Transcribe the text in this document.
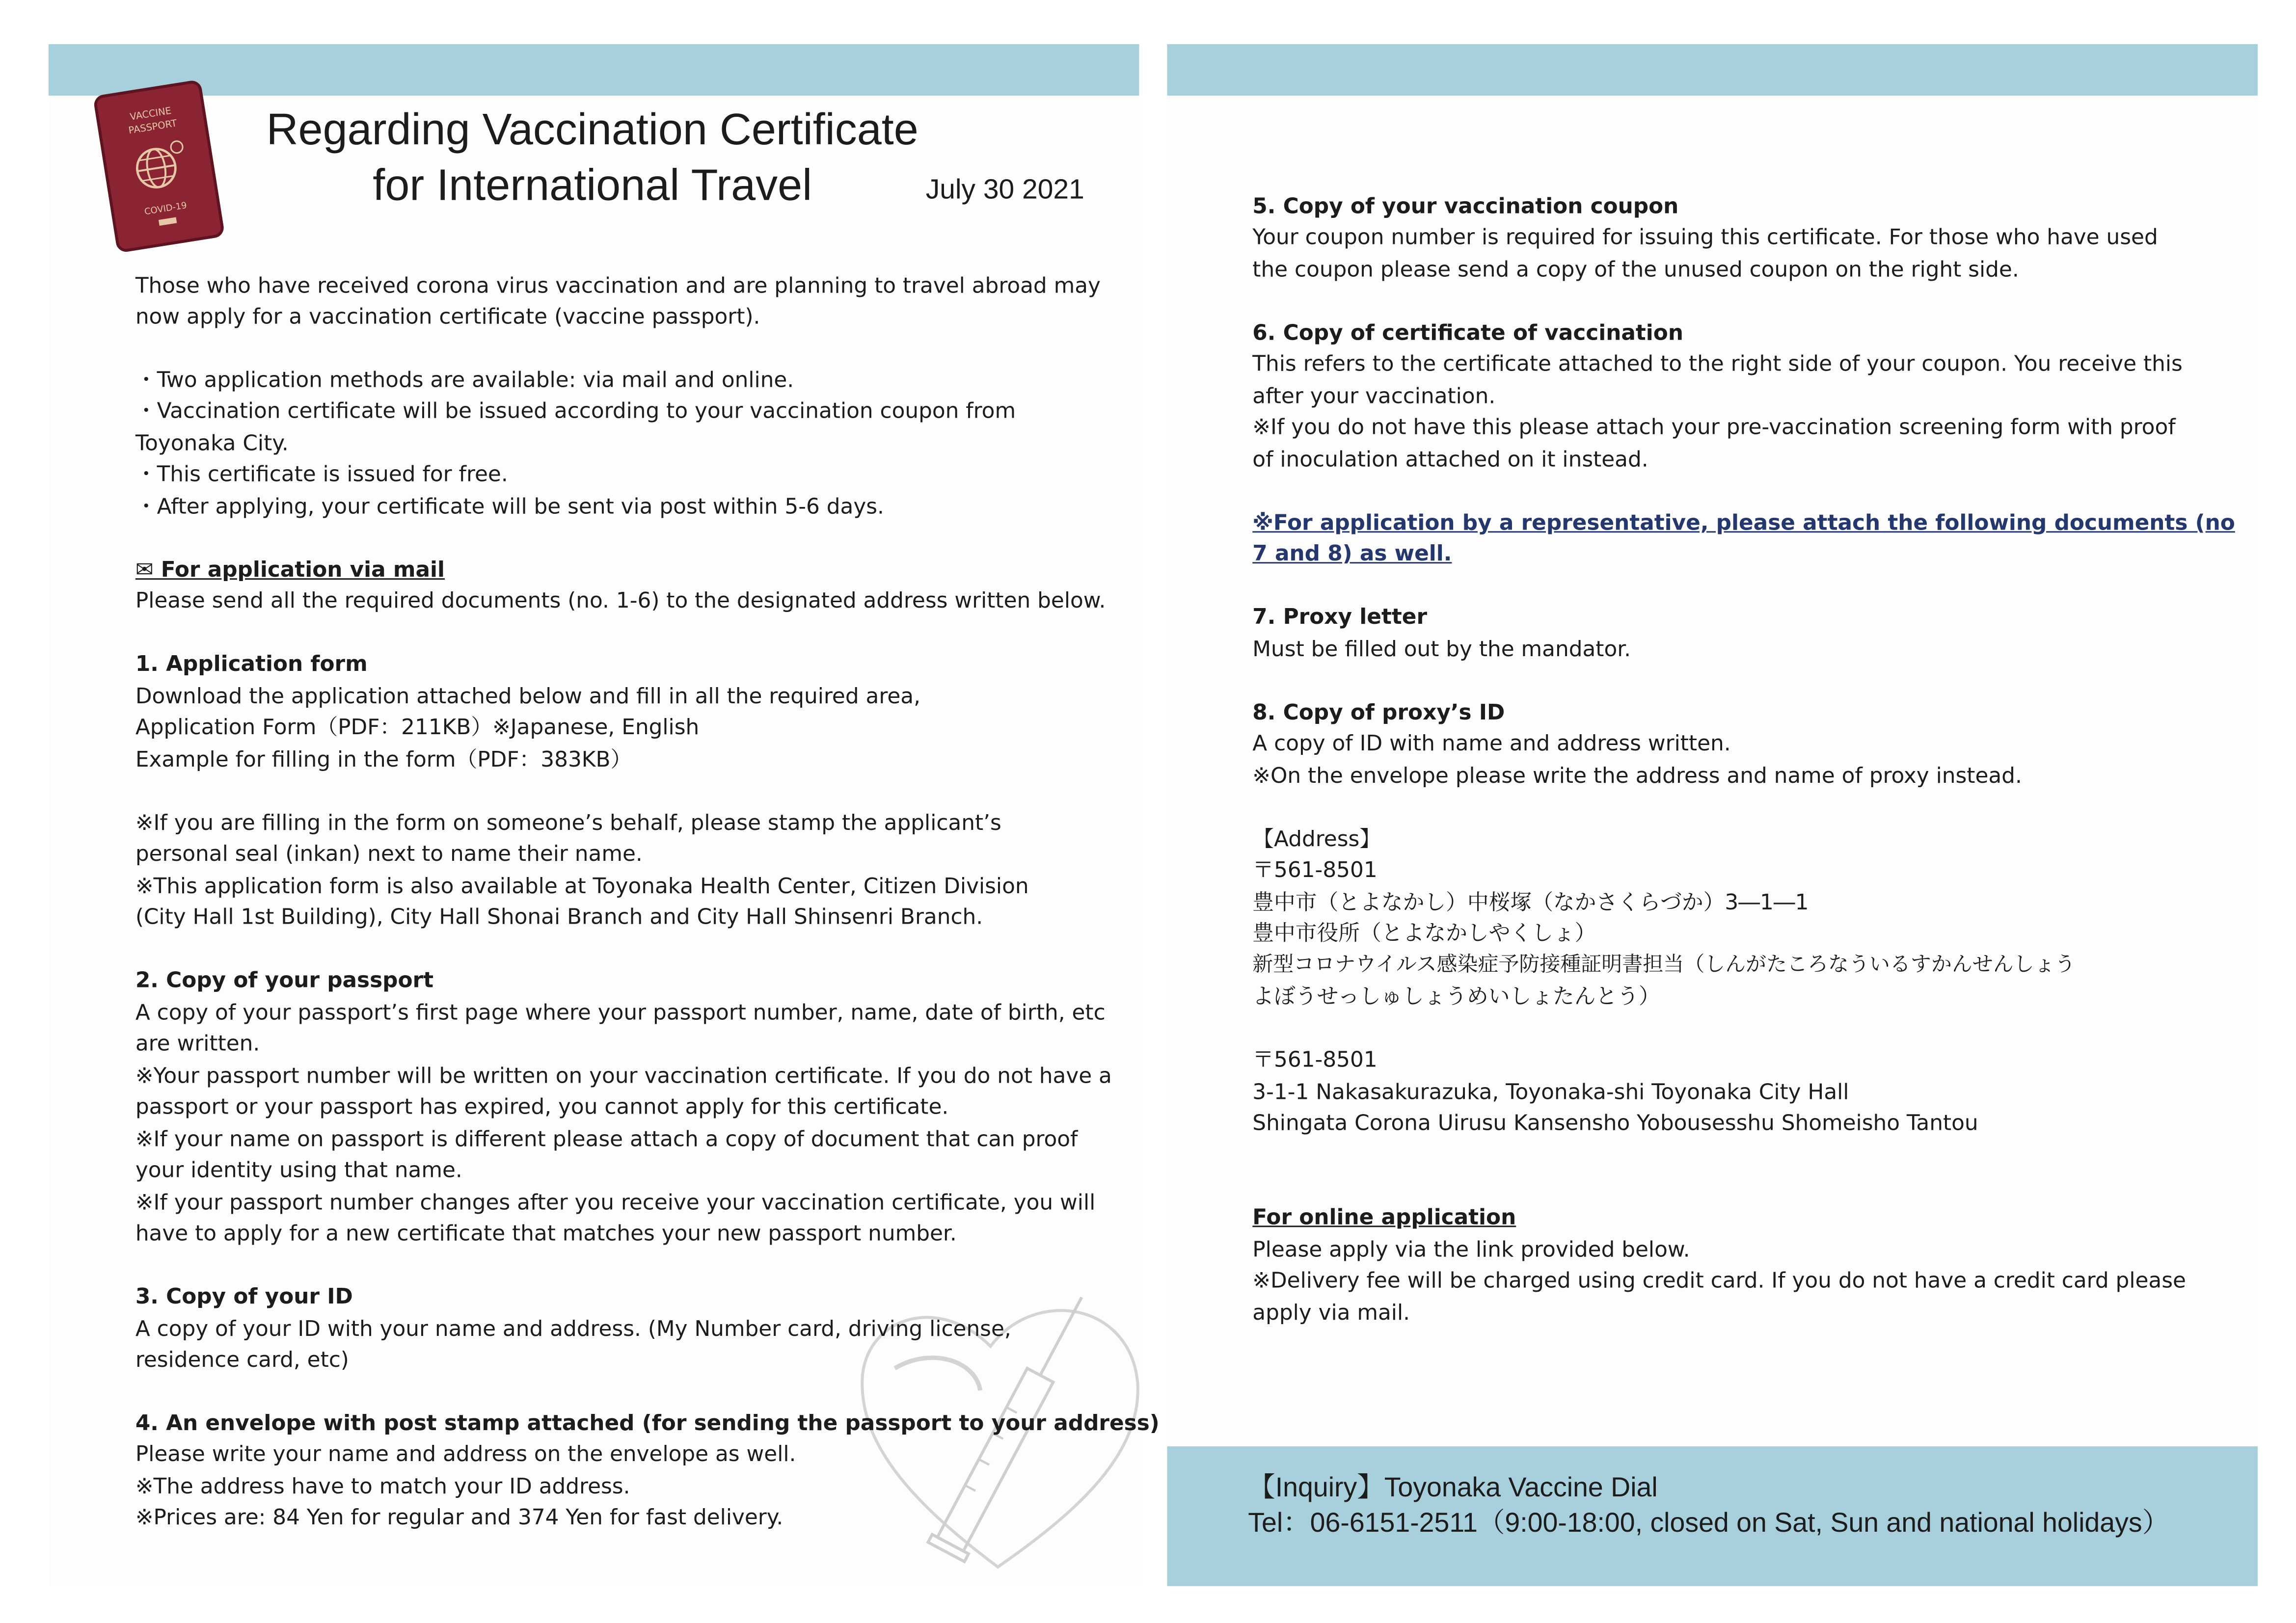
VACCINE
PASSPORT
COVID-19
Regarding Vaccination Certificate
for International Travel	July 30 2021
Those who have received corona virus vaccination and are planning to travel abroad may
now apply for a vaccination certificate (vaccine passport).
・Two application methods are available: via mail and online.
・Vaccination certificate will be issued according to your vaccination coupon from
Toyonaka City.
・This certificate is issued for free.
・After applying, your certificate will be sent via post within 5-6 days.
✉ For application via mail
Please send all the required documents (no. 1-6) to the designated address written below.
1. Application form
Download the application attached below and fill in all the required area,
Application Form（PDF：211KB）※Japanese, English
Example for filling in the form（PDF：383KB）
※If you are filling in the form on someone’s behalf, please stamp the applicant’s
personal seal (inkan) next to name their name.
※This application form is also available at Toyonaka Health Center, Citizen Division
(City Hall 1st Building), City Hall Shonai Branch and City Hall Shinsenri Branch.
2. Copy of your passport
A copy of your passport’s first page where your passport number, name, date of birth, etc
are written.
※Your passport number will be written on your vaccination certificate. If you do not have a
passport or your passport has expired, you cannot apply for this certificate.
※If your name on passport is different please attach a copy of document that can proof
your identity using that name.
※If your passport number changes after you receive your vaccination certificate, you will
have to apply for a new certificate that matches your new passport number.
3. Copy of your ID
A copy of your ID with your name and address. (My Number card, driving license,
residence card, etc)
4. An envelope with post stamp attached (for sending the passport to your address)
Please write your name and address on the envelope as well.
※The address have to match your ID address.
※Prices are: 84 Yen for regular and 374 Yen for fast delivery.
5. Copy of your vaccination coupon
Your coupon number is required for issuing this certificate. For those who have used
the coupon please send a copy of the unused coupon on the right side.
6. Copy of certificate of vaccination
This refers to the certificate attached to the right side of your coupon. You receive this
after your vaccination.
※If you do not have this please attach your pre-vaccination screening form with proof
of inoculation attached on it instead.
※For application by a representative, please attach the following documents (no
7 and 8) as well.
7. Proxy letter
Must be filled out by the mandator.
8. Copy of proxy’s ID
A copy of ID with name and address written.
※On the envelope please write the address and name of proxy instead.
【Address】
〒561-8501
豊中市（とよなかし）中桜塚（なかさくらづか）3―1―1
豊中市役所（とよなかしやくしょ）
新型コロナウイルス感染症予防接種証明書担当（しんがたころなういるすかんせんしょう
よぼうせっしゅしょうめいしょたんとう）
〒561-8501
3-1-1 Nakasakurazuka, Toyonaka-shi Toyonaka City Hall
Shingata Corona Uirusu Kansensho Yobousesshu Shomeisho Tantou
For online application
Please apply via the link provided below.
※Delivery fee will be charged using credit card. If you do not have a credit card please
apply via mail.
【Inquiry】Toyonaka Vaccine Dial
Tel：06-6151-2511（9:00-18:00, closed on Sat, Sun and national holidays）
